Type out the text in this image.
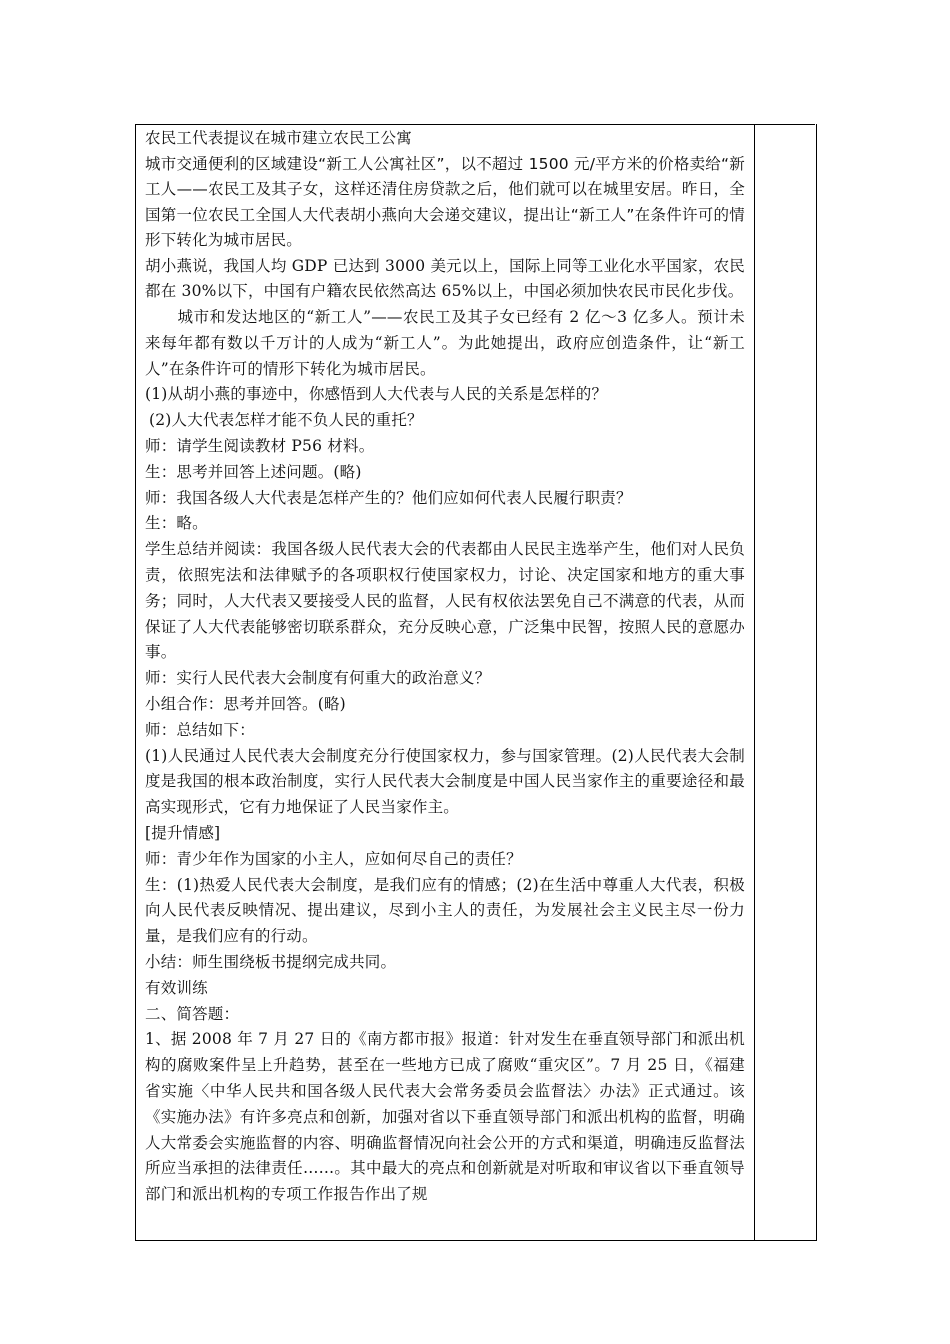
农民工代表提议在城市建立农民工公寓

城市交通便利的区域建设“新工人公寓社区”，以不超过 1500 元/平方米的价格卖给“新工人——农民工及其子女，这样还清住房贷款之后，他们就可以在城里安居。昨日，全国第一位农民工全国人大代表胡小燕向大会递交建议，提出让“新工人”在条件许可的情形下转化为城市居民。

胡小燕说，我国人均 GDP 已达到 3000 美元以上，国际上同等工业化水平国家，农民都在 30%以下，中国有户籍农民依然高达 65%以上，中国必须加快农民市民化步伐。

城市和发达地区的“新工人”——农民工及其子女已经有 2 亿～3 亿多人。预计未来每年都有数以千万计的人成为“新工人”。为此她提出，政府应创造条件，让“新工人”在条件许可的情形下转化为城市居民。

(1)从胡小燕的事迹中，你感悟到人大代表与人民的关系是怎样的？

(2)人大代表怎样才能不负人民的重托？

师：请学生阅读教材 P56 材料。

生：思考并回答上述问题。(略)

师：我国各级人大代表是怎样产生的？他们应如何代表人民履行职责？

生：略。

学生总结并阅读：我国各级人民代表大会的代表都由人民民主选举产生，他们对人民负责，依照宪法和法律赋予的各项职权行使国家权力，讨论、决定国家和地方的重大事务；同时，人大代表又要接受人民的监督，人民有权依法罢免自己不满意的代表，从而保证了人大代表能够密切联系群众，充分反映心意，广泛集中民智，按照人民的意愿办事。

师：实行人民代表大会制度有何重大的政治意义？

小组合作：思考并回答。(略)

师：总结如下：

(1)人民通过人民代表大会制度充分行使国家权力，参与国家管理。(2)人民代表大会制度是我国的根本政治制度，实行人民代表大会制度是中国人民当家作主的重要途径和最高实现形式，它有力地保证了人民当家作主。

[提升情感]

师：青少年作为国家的小主人，应如何尽自己的责任？

生：(1)热爱人民代表大会制度，是我们应有的情感；(2)在生活中尊重人大代表，积极向人民代表反映情况、提出建议，尽到小主人的责任，为发展社会主义民主尽一份力量，是我们应有的行动。

小结：师生围绕板书提纲完成共同。

有效训练

二、简答题：

1、据 2008 年 7 月 27 日的《南方都市报》报道：针对发生在垂直领导部门和派出机构的腐败案件呈上升趋势，甚至在一些地方已成了腐败“重灾区”。7 月 25 日，《福建省实施〈中华人民共和国各级人民代表大会常务委员会监督法〉办法》正式通过。该《实施办法》有许多亮点和创新，加强对省以下垂直领导部门和派出机构的监督，明确人大常委会实施监督的内容、明确监督情况向社会公开的方式和渠道，明确违反监督法所应当承担的法律责任……。其中最大的亮点和创新就是对听取和审议省以下垂直领导部门和派出机构的专项工作报告作出了规
